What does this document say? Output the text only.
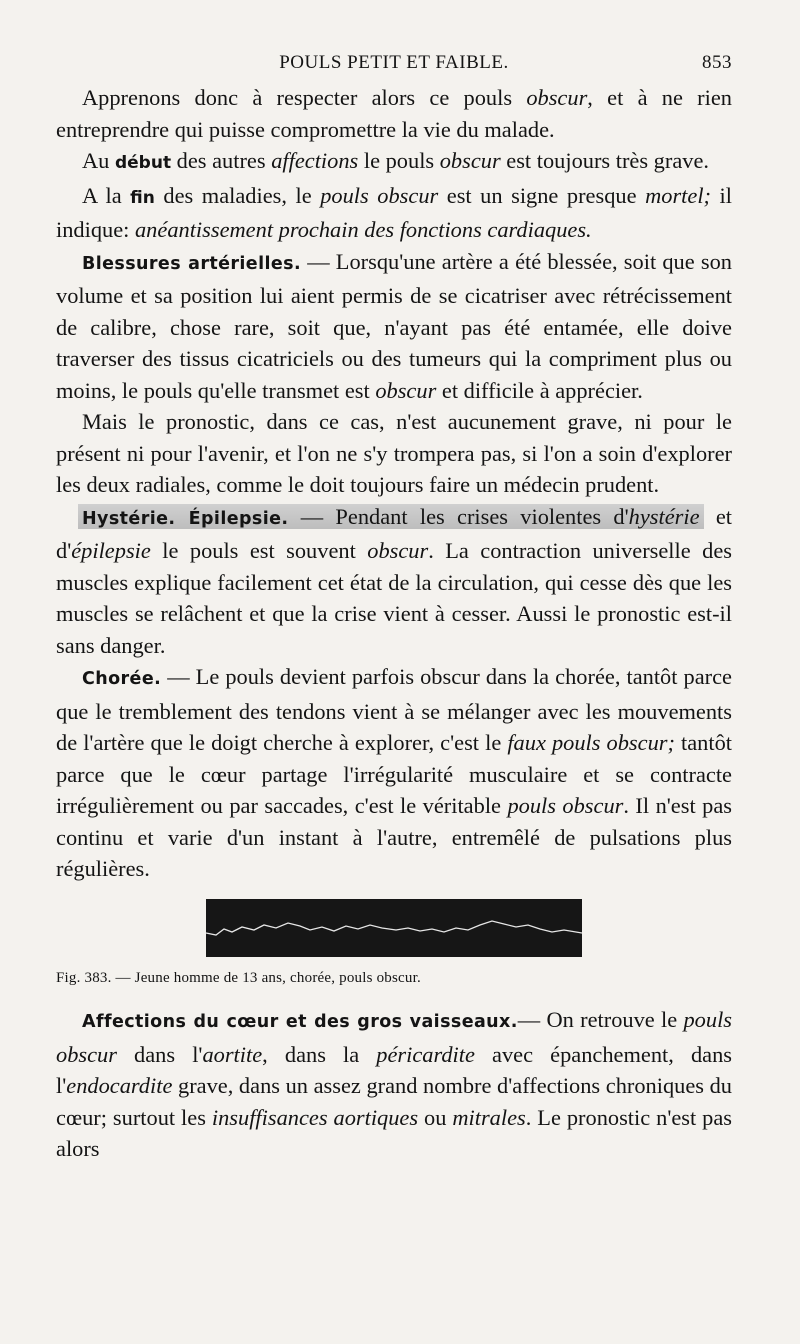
POULS PETIT ET FAIBLE.	853

Apprenons donc à respecter alors ce pouls obscur, et à ne rien entreprendre qui puisse compromettre la vie du malade.

Au début des autres affections le pouls obscur est toujours très grave.

A la fin des maladies, le pouls obscur est un signe presque mortel; il indique: anéantissement prochain des fonctions cardiaques.

Blessures artérielles. — Lorsqu'une artère a été blessée, soit que son volume et sa position lui aient permis de se cicatriser avec rétrécissement de calibre, chose rare, soit que, n'ayant pas été entamée, elle doive traverser des tissus cicatriciels ou des tumeurs qui la compriment plus ou moins, le pouls qu'elle transmet est obscur et difficile à apprécier.

Mais le pronostic, dans ce cas, n'est aucunement grave, ni pour le présent ni pour l'avenir, et l'on ne s'y trompera pas, si l'on a soin d'explorer les deux radiales, comme le doit toujours faire un médecin prudent.

Hystérie. Épilepsie. — Pendant les crises violentes d'hystérie et d'épilepsie le pouls est souvent obscur. La contraction universelle des muscles explique facilement cet état de la circulation, qui cesse dès que les muscles se relâchent et que la crise vient à cesser. Aussi le pronostic est-il sans danger.

Chorée. — Le pouls devient parfois obscur dans la chorée, tantôt parce que le tremblement des tendons vient à se mélanger avec les mouvements de l'artère que le doigt cherche à explorer, c'est le faux pouls obscur; tantôt parce que le cœur partage l'irrégularité musculaire et se contracte irrégulièrement ou par saccades, c'est le véritable pouls obscur. Il n'est pas continu et varie d'un instant à l'autre, entremêlé de pulsations plus régulières.

Fig. 383. — Jeune homme de 13 ans, chorée, pouls obscur.

Affections du cœur et des gros vaisseaux.— On retrouve le pouls obscur dans l'aortite, dans la péricardite avec épanchement, dans l'endocardite grave, dans un assez grand nombre d'affections chroniques du cœur; surtout les insuffisances aortiques ou mitrales. Le pronostic n'est pas alors
